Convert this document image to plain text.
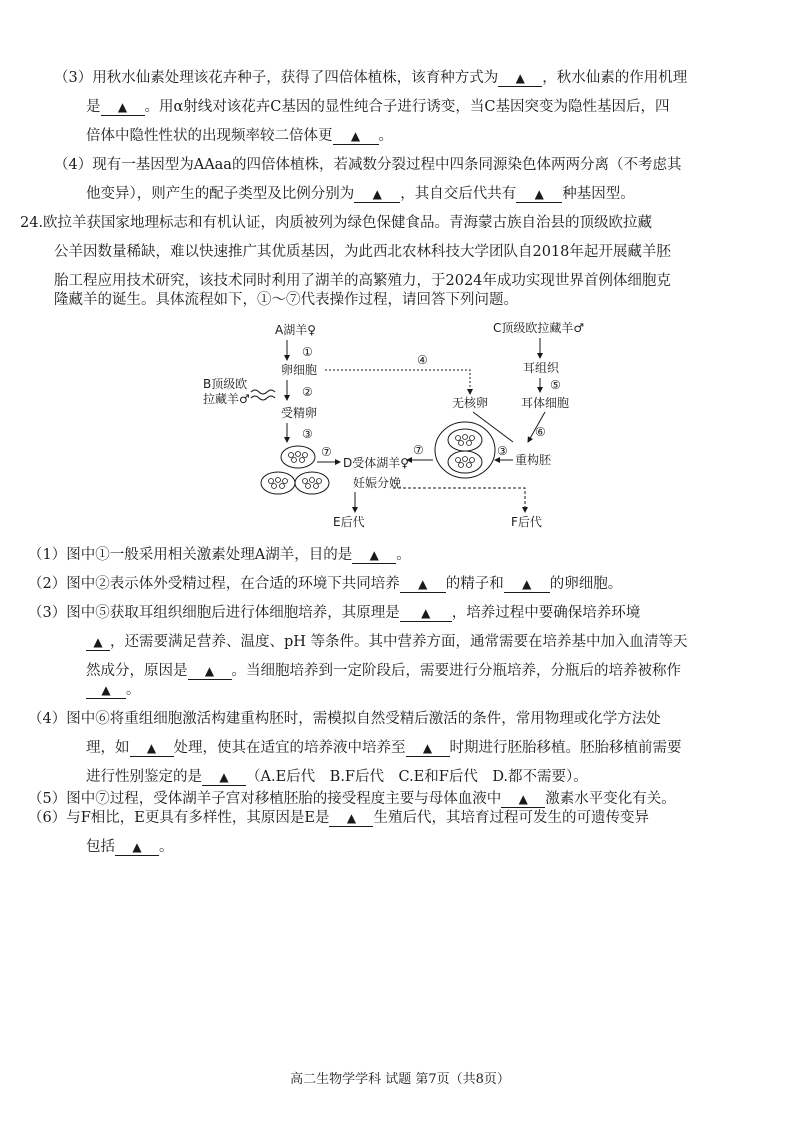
（3）用秋水仙素处理该花卉种子，获得了四倍体植株，该育种方式为 ▲ ，秋水仙素的作用机理
是 ▲ 。用α射线对该花卉C基因的显性纯合子进行诱变，当C基因突变为隐性基因后，四
倍体中隐性性状的出现频率较二倍体更 ▲ 。
（4）现有一基因型为AAaa的四倍体植株，若减数分裂过程中四条同源染色体两两分离（不考虑其
他变异），则产生的配子类型及比例分别为 ▲ ，其自交后代共有 ▲ 种基因型。
24.欧拉羊获国家地理标志和有机认证，肉质被列为绿色保健食品。青海蒙古族自治县的顶级欧拉藏
公羊因数量稀缺，难以快速推广其优质基因，为此西北农林科技大学团队自2018年起开展藏羊胚
胎工程应用技术研究，该技术同时利用了湖羊的高繁殖力，于2024年成功实现世界首例体细胞克
隆藏羊的诞生。具体流程如下，①～⑦代表操作过程，请回答下列问题。
A湖羊♀
①
卵细胞
②
B顶级欧
拉藏羊♂
受精卵
③
⑦
D受体湖羊♀
妊娠分娩
E后代	F后代
C顶级欧拉藏羊♂
耳组织
⑤
无核卵	耳体细胞
④
⑥
重构胚
③
⑦
（1）图中①一般采用相关激素处理A湖羊，目的是 ▲ 。
（2）图中②表示体外受精过程，在合适的环境下共同培养 ▲ 的精子和 ▲ 的卵细胞。
（3）图中⑤获取耳组织细胞后进行体细胞培养，其原理是 ▲ ，培养过程中要确保培养环境
▲ ，还需要满足营养、温度、pH 等条件。其中营养方面，通常需要在培养基中加入血清等天
然成分，原因是 ▲ 。当细胞培养到一定阶段后，需要进行分瓶培养，分瓶后的培养被称作
▲ 。
（4）图中⑥将重组细胞激活构建重构胚时，需模拟自然受精后激活的条件，常用物理或化学方法处
理，如 ▲ 处理，使其在适宜的培养液中培养至 ▲ 时期进行胚胎移植。胚胎移植前需要
进行性别鉴定的是 ▲ （A.E后代　B.F后代　C.E和F后代　D.都不需要）。
（5）图中⑦过程，受体湖羊子宫对移植胚胎的接受程度主要与母体血液中 ▲ 激素水平变化有关。
（6）与F相比，E更具有多样性，其原因是E是 ▲ 生殖后代，其培育过程可发生的可遗传变异
包括 ▲ 。
高二生物学学科 试题 第7页（共8页）
